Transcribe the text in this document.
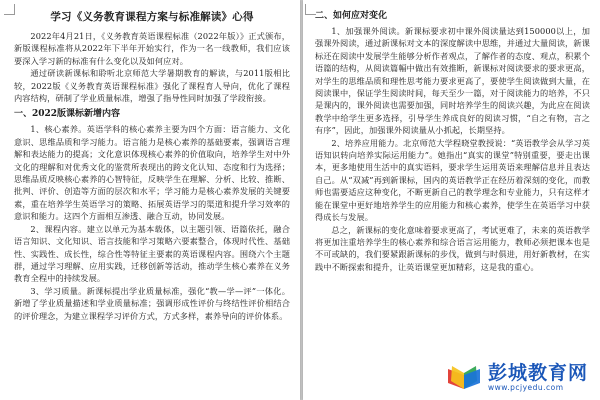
学习《义务教育课程方案与标准解读》心得

2022年4月21日，《义务教育英语课程标准（2022年版）》正式颁布，新版课程标准将从2022年下半年开始实行，作为一名一线教师，我们应该要深入学习新的标准有什么变化以及如何应对。

通过研读新课标和聆听北京师范大学暑期教育的解读，与2011版相比较，2022版《义务教育英语课程标准》强化了课程育人导向，优化了课程内容结构，研制了学业质量标准，增强了指导性同时加强了学段衔接。

一、2022版课标新增内容

1、核心素养。英语学科的核心素养主要为四个方面：语言能力、文化意识、思维品质和学习能力。语言能力是核心素养的基础要素，强调语言理解和表达能力的提高；文化意识体现核心素养的价值取向，培养学生对中外文化的理解和对优秀文化的鉴赏所表现出的跨文化认知、态度和行为选择；思维品质反映核心素养的心智特征，反映学生在理解、分析、比较、推断、批判、评价、创造等方面的层次和水平；学习能力是核心素养发展的关键要素，重在培养学生英语学习的策略、拓展英语学习的渠道和提升学习效率的意识和能力。这四个方面相互渗透、融合互动，协同发展。

2、课程内容。建立以单元为基本载体，以主题引领、语篇依托，融合语言知识、文化知识、语言技能和学习策略六要素整合，体现时代性、基础性、实践性、成长性，综合性等特征主要素的英语课程内容。围绕六个主题群，通过学习理解、应用实践，迁移创新等活动，推动学生核心素养在义务教育全程中的持续发展。

3、学习质量。新课标提出学业质量标准，强化“教—学—评”一体化。新增了学业质量描述和学业质量标准；强调形成性评价与终结性评价相结合的评价理念，为建立课程学习评价方式，方式多样，素养导向的评价体系。

二、如何应对变化

1、加强课外阅读。新课标要求初中课外阅读量达到150000以上，加强课外阅读，通过新课标对文本的深度解读中思维，并通过大量阅读，新课标还在阅读中发展学生能够分析作者观点，了解作者的态度、观点，积累个语篇的结构，从阅读篇幅中做出有效推断，新课标对阅读要求的要求更高，对学生的思维品质和理性思考能力要求更高了，要使学生阅读做到大量，在阅读课中，保证学生阅读时间，每天至少一篇，对于阅读能力的培养，不只是课内的，课外阅读也需要加强，同时培养学生的阅读兴趣，为此应在阅读教学中给学生更多选择，引导学生养成良好的阅读习惯，“自之有物，言之有序”，因此，加强课外阅读量从小抓起，长期坚持。

2、培养应用能力。北京师范大学程晓堂教授说：“英语教学会从学习英语知识转向培养实际运用能力”。她指出“真实的课堂”特别重要，要走出课本，更多地使用生活中的真实语料，要求学生运用英语来理解信息并且表达自己。从“双减”再到新课标，国内的英语教学正在经历着深刻的变化，而教师也需要适应这种变化，不断更新自己的教学理念和专业能力，只有这样才能在课堂中更好地培养学生的应用能力和核心素养，使学生在英语学习中获得成长与发展。

总之，新课标的变化意味着要求更高了，考试更难了，未来的英语教学将更加注重培养学生的核心素养和综合语言运用能力，教师必须把课本也是不可或缺的，我们要紧跟新课标的步伐，做到与时俱进，用好新教材，在实践中不断探索和提升，让英语课堂更加精彩，这是我的重心。

彭城教育网
www.pcjyedu.com
